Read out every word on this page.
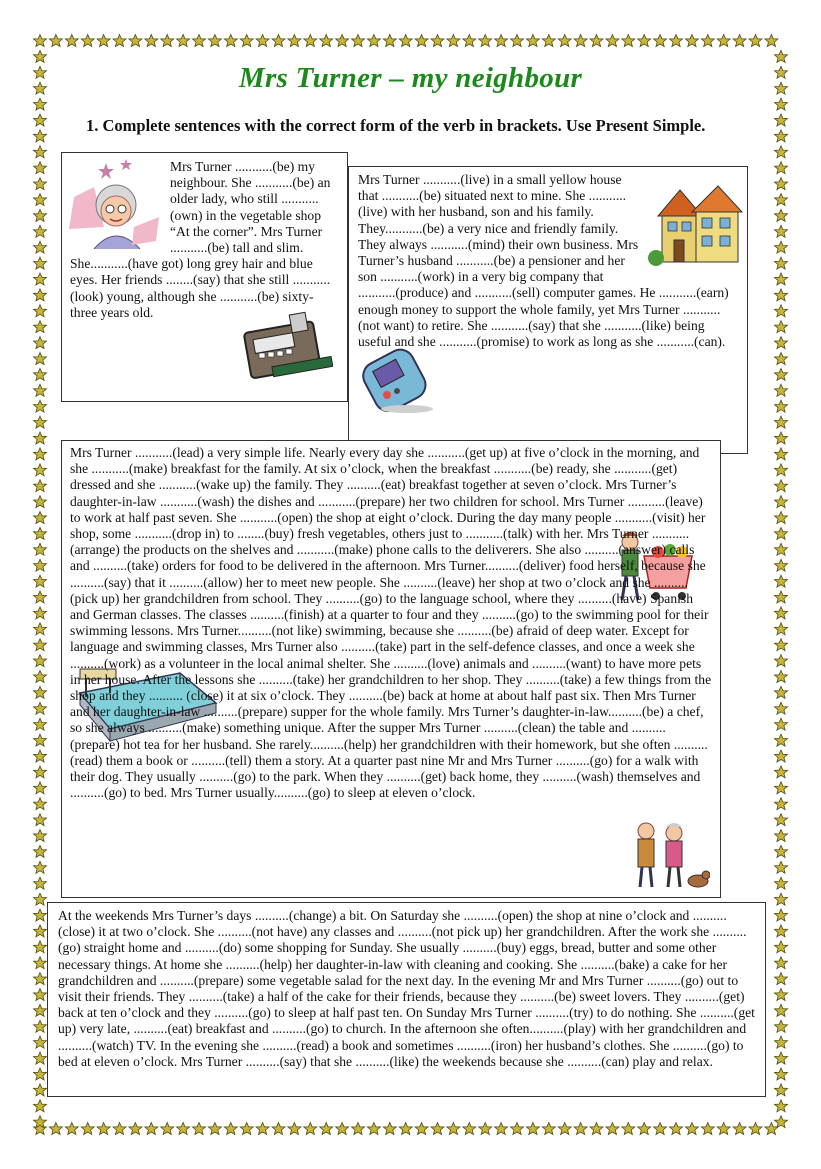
Mrs Turner – my neighbour
1. Complete sentences with the correct form of the verb in brackets. Use Present Simple.

Mrs Turner ...........(be) my neighbour. She ...........(be) an older lady, who still ...........(own) in the vegetable shop “At the corner”. Mrs Turner ...........(be) tall and slim. She...........(have got) long grey hair and blue eyes. Her friends ........(say) that she still ...........(look) young, although she ...........(be) sixty-three years old.

Mrs Turner ...........(live) in a small yellow house that ...........(be) situated next to mine. She ...........(live) with her husband, son and his family. They...........(be) a very nice and friendly family. They always ...........(mind) their own business. Mrs Turner’s husband ...........(be) a pensioner and her son ...........(work) in a very big company that ...........(produce) and ...........(sell) computer games. He ...........(earn) enough money to support the whole family, yet Mrs Turner ...........(not want) to retire. She ...........(say) that she ...........(like) being useful and she ...........(promise) to work as long as she ...........(can).

Mrs Turner ...........(lead) a very simple life. Nearly every day she ...........(get up) at five o’clock in the morning, and she ...........(make) breakfast for the family. At six o’clock, when the breakfast ...........(be) ready, she ...........(get) dressed and she ...........(wake up) the family. They ..........(eat) breakfast together at seven o’clock. Mrs Turner’s daughter-in-law ...........(wash) the dishes and ...........(prepare) her two children for school. Mrs Turner ...........(leave) to work at half past seven. She ...........(open) the shop at eight o’clock. During the day many people ...........(visit) her shop, some ...........(drop in) to ........(buy) fresh vegetables, others just to ...........(talk) with her. Mrs Turner ...........(arrange) the products on the shelves and ...........(make) phone calls to the deliverers. She also ..........(answer) calls and ..........(take) orders for food to be delivered in the afternoon. Mrs Turner..........(deliver) food herself, because she ..........(say) that it ..........(allow) her to meet new people. She ..........(leave) her shop at two o’clock and she ..........(pick up) her grandchildren from school. They ..........(go) to the language school, where they ..........(have) Spanish and German classes. The classes ..........(finish) at a quarter to four and they ..........(go) to the swimming pool for their swimming lessons. Mrs Turner..........(not like) swimming, because she ..........(be) afraid of deep water. Except for language and swimming classes, Mrs Turner also ..........(take) part in the self-defence classes, and once a week she ..........(work) as a volunteer in the local animal shelter. She ..........(love) animals and ..........(want) to have more pets in her house. After the lessons she ..........(take) her grandchildren to her shop. They ..........(take) a few things from the shop and they .......... (close) it at six o’clock. They ..........(be) back at home at about half past six. Then Mrs Turner and her daughter-in-law ..........(prepare) supper for the whole family. Mrs Turner’s daughter-in-law..........(be) a chef, so she always ..........(make) something unique. After the supper Mrs Turner ..........(clean) the table and ..........(prepare) hot tea for her husband. She rarely..........(help) her grandchildren with their homework, but she often ..........(read) them a book or ..........(tell) them a story. At a quarter past nine Mr and Mrs Turner ..........(go) for a walk with their dog. They usually ..........(go) to the park. When they ..........(get) back home, they ..........(wash) themselves and ..........(go) to bed. Mrs Turner usually..........(go) to sleep at eleven o’clock.

At the weekends Mrs Turner’s days ..........(change) a bit. On Saturday she ..........(open) the shop at nine o’clock and ..........(close) it at two o’clock. She ..........(not have) any classes and ..........(not pick up) her grandchildren. After the work she ..........(go) straight home and ..........(do) some shopping for Sunday. She usually ..........(buy) eggs, bread, butter and some other necessary things. At home she ..........(help) her daughter-in-law with cleaning and cooking. She ..........(bake) a cake for her grandchildren and ..........(prepare) some vegetable salad for the next day. In the evening Mr and Mrs Turner ..........(go) out to visit their friends. They ..........(take) a half of the cake for their friends, because they ..........(be) sweet lovers. They ..........(get) back at ten o’clock and they ..........(go) to sleep at half past ten. On Sunday Mrs Turner ..........(try) to do nothing. She ..........(get up) very late, ..........(eat) breakfast and ..........(go) to church. In the afternoon she often..........(play) with her grandchildren and ..........(watch) TV. In the evening she ..........(read) a book and sometimes ..........(iron) her husband’s clothes. She ..........(go) to bed at eleven o’clock. Mrs Turner ..........(say) that she ..........(like) the weekends because she ..........(can) play and relax.
